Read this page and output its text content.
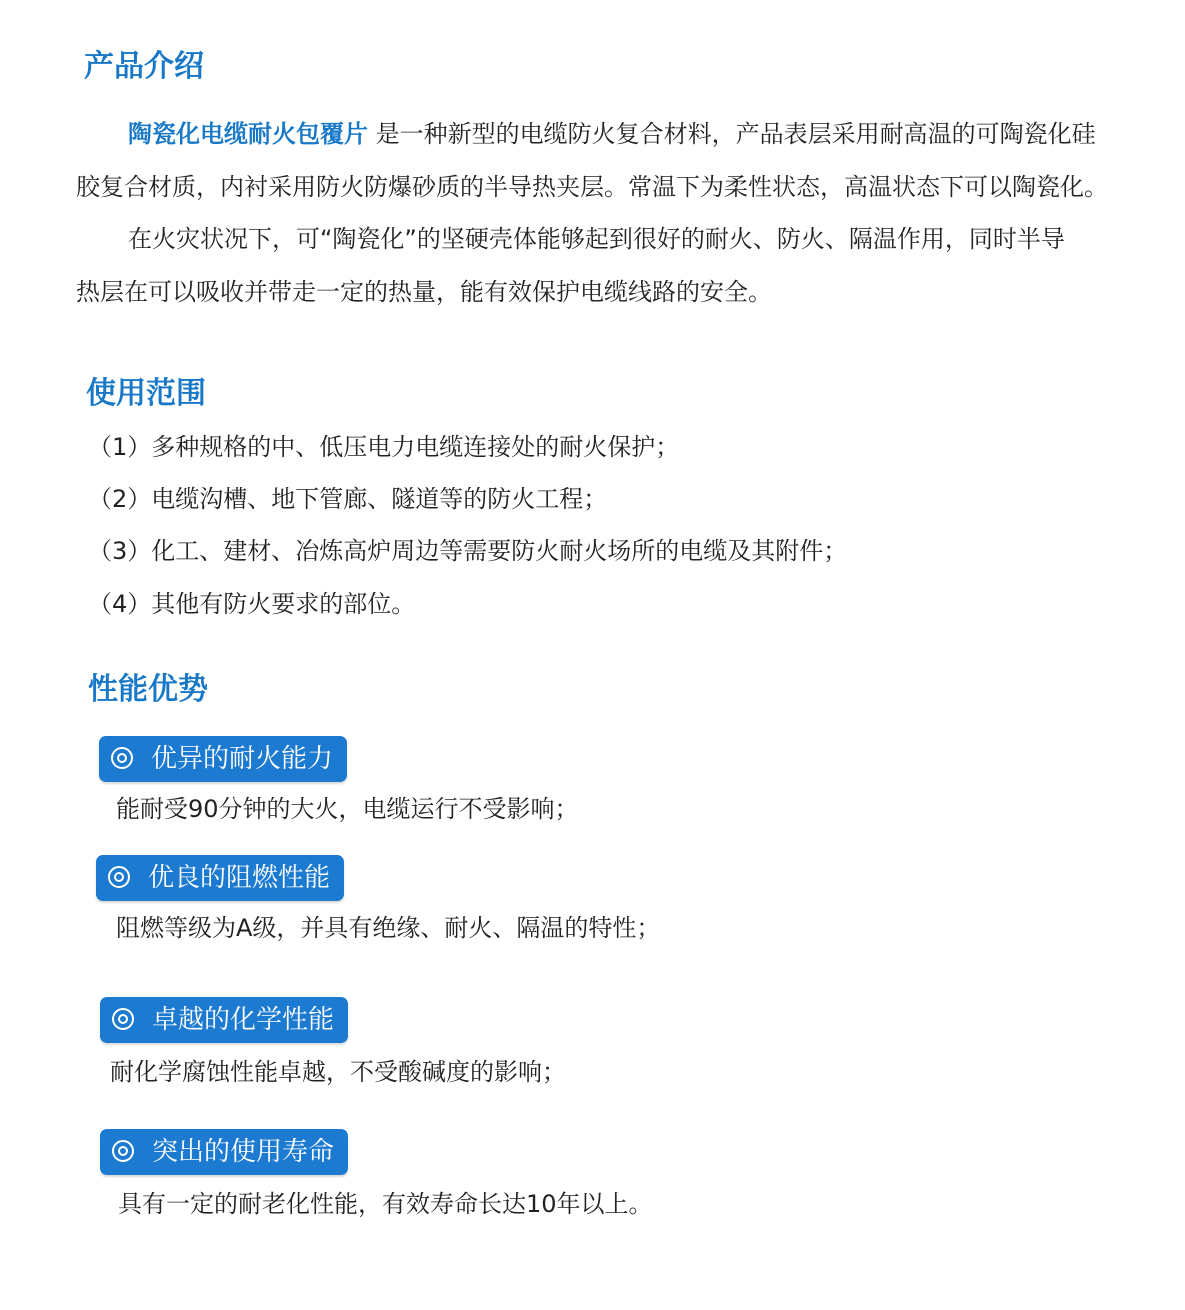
产品介绍
陶瓷化电缆耐火包覆片 是一种新型的电缆防火复合材料，产品表层采用耐高温的可陶瓷化硅
胶复合材质，内衬采用防火防爆砂质的半导热夹层。常温下为柔性状态，高温状态下可以陶瓷化。
在火灾状况下，可“陶瓷化”的坚硬壳体能够起到很好的耐火、防火、隔温作用，同时半导
热层在可以吸收并带走一定的热量，能有效保护电缆线路的安全。
使用范围
（1）多种规格的中、低压电力电缆连接处的耐火保护；
（2）电缆沟槽、地下管廊、隧道等的防火工程；
（3）化工、建材、冶炼高炉周边等需要防火耐火场所的电缆及其附件；
（4）其他有防火要求的部位。
性能优势
优异的耐火能力
能耐受90分钟的大火，电缆运行不受影响；
优良的阻燃性能
阻燃等级为A级，并具有绝缘、耐火、隔温的特性；
卓越的化学性能
耐化学腐蚀性能卓越，不受酸碱度的影响；
突出的使用寿命
具有一定的耐老化性能，有效寿命长达10年以上。
